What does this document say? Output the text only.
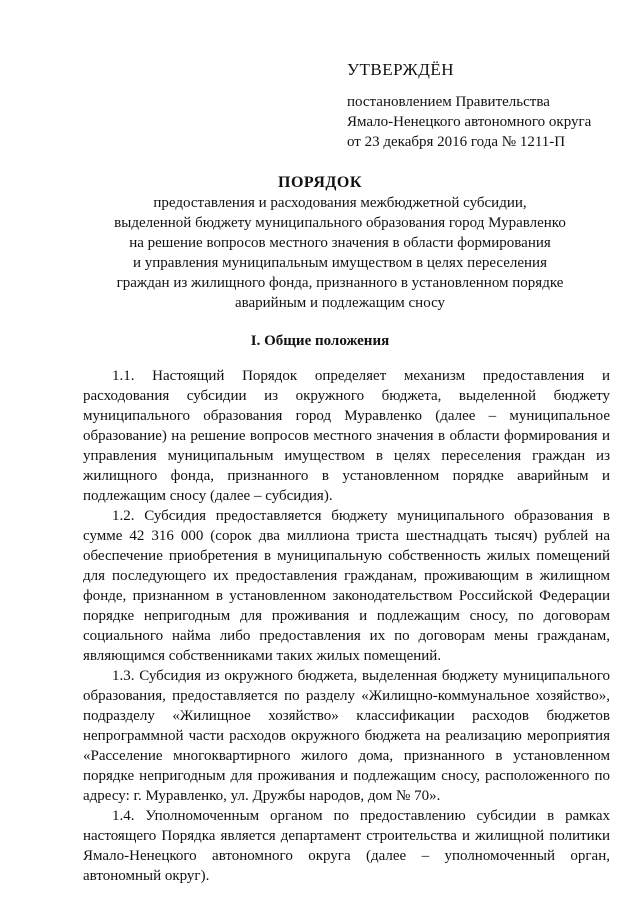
УТВЕРЖДЁН
постановлением Правительства
Ямало-Ненецкого автономного округа
от 23 декабря 2016 года № 1211-П
ПОРЯДОК
предоставления и расходования межбюджетной субсидии,
выделенной бюджету муниципального образования город Муравленко
на решение вопросов местного значения в области формирования
и управления муниципальным имуществом в целях переселения
граждан из жилищного фонда, признанного в установленном порядке
аварийным и подлежащим сносу
I. Общие положения

1.1. Настоящий Порядок определяет механизм предоставления и расходования субсидии из окружного бюджета, выделенной бюджету муниципального образования город Муравленко (далее – муниципальное образование) на решение вопросов местного значения в области формирования и управления муниципальным имуществом в целях переселения граждан из жилищного фонда, признанного в установленном порядке аварийным и подлежащим сносу (далее – субсидия).

1.2. Субсидия предоставляется бюджету муниципального образования в сумме 42 316 000 (сорок два миллиона триста шестнадцать тысяч) рублей на обеспечение приобретения в муниципальную собственность жилых помещений для последующего их предоставления гражданам, проживающим в жилищном фонде, признанном в установленном законодательством Российской Федерации порядке непригодным для проживания и подлежащим сносу, по договорам социального найма либо предоставления их по договорам мены гражданам, являющимся собственниками таких жилых помещений.

1.3. Субсидия из окружного бюджета, выделенная бюджету муниципального образования, предоставляется по разделу «Жилищно-коммунальное хозяйство», подразделу «Жилищное хозяйство» классификации расходов бюджетов непрограммной части расходов окружного бюджета на реализацию мероприятия «Расселение многоквартирного жилого дома, признанного в установленном порядке непригодным для проживания и подлежащим сносу, расположенного по адресу: г. Муравленко, ул. Дружбы народов, дом № 70».

1.4. Уполномоченным органом по предоставлению субсидии в рамках настоящего Порядка является департамент строительства и жилищной политики Ямало-Ненецкого автономного округа (далее – уполномоченный орган, автономный округ).
